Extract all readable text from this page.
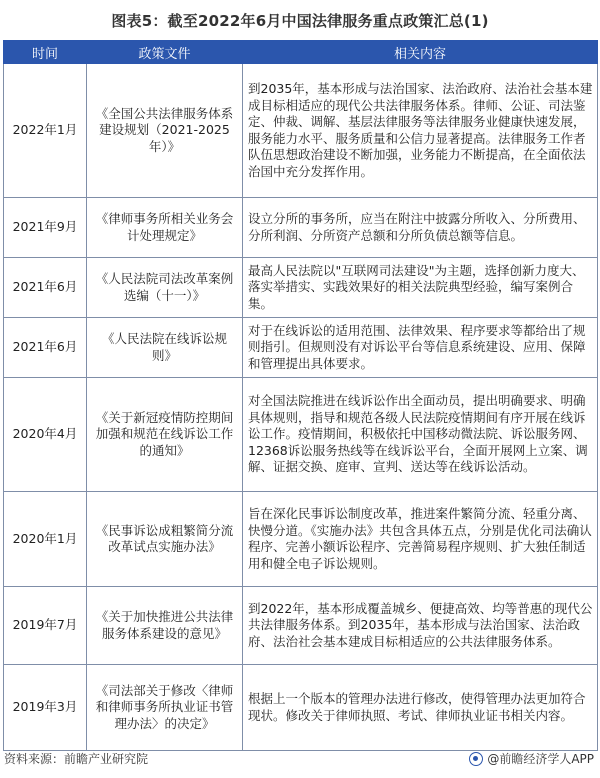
图表5：截至2022年6月中国法律服务重点政策汇总(1)
时间	政策文件	相关内容
2022年1月	《全国公共法律服务体系建设规划（2021-2025年）》	到2035年，基本形成与法治国家、法治政府、法治社会基本建成目标相适应的现代公共法律服务体系。律师、公证、司法鉴定、仲裁、调解、基层法律服务等法律服务业健康快速发展，服务能力水平、服务质量和公信力显著提高。法律服务工作者队伍思想政治建设不断加强，业务能力不断提高，在全面依法治国中充分发挥作用。
2021年9月	《律师事务所相关业务会计处理规定》	设立分所的事务所，应当在附注中披露分所收入、分所费用、分所利润、分所资产总额和分所负债总额等信息。
2021年6月	《人民法院司法改革案例选编（十一）》	最高人民法院以"互联网司法建设"为主题，选择创新力度大、落实举措实、实践效果好的相关法院典型经验，编写案例合集。
2021年6月	《人民法院在线诉讼规则》	对于在线诉讼的适用范围、法律效果、程序要求等都给出了规则指引。但规则没有对诉讼平台等信息系统建设、应用、保障和管理提出具体要求。
2020年4月	《关于新冠疫情防控期间加强和规范在线诉讼工作的通知》	对全国法院推进在线诉讼作出全面动员，提出明确要求、明确具体规则，指导和规范各级人民法院疫情期间有序开展在线诉讼工作。疫情期间，积极依托中国移动微法院、诉讼服务网、12368诉讼服务热线等在线诉讼平台，全面开展网上立案、调解、证据交换、庭审、宣判、送达等在线诉讼活动。
2020年1月	《民事诉讼成粗繁简分流改革试点实施办法》	旨在深化民事诉讼制度改革，推进案件繁简分流、轻重分离、快慢分道。《实施办法》共包含具体五点，分别是优化司法确认程序、完善小额诉讼程序、完善简易程序规则、扩大独任制适用和健全电子诉讼规则。
2019年7月	《关于加快推进公共法律服务体系建设的意见》	到2022年，基本形成覆盖城乡、便捷高效、均等普惠的现代公共法律服务体系。到2035年，基本形成与法治国家、法治政府、法治社会基本建成目标相适应的公共法律服务体系。
2019年3月	《司法部关于修改〈律师和律师事务所执业证书管理办法〉的决定》	根据上一个版本的管理办法进行修改，使得管理办法更加符合现状。修改关于律师执照、考试、律师执业证书相关内容。
资料来源：前瞻产业研究院	@前瞻经济学人APP
